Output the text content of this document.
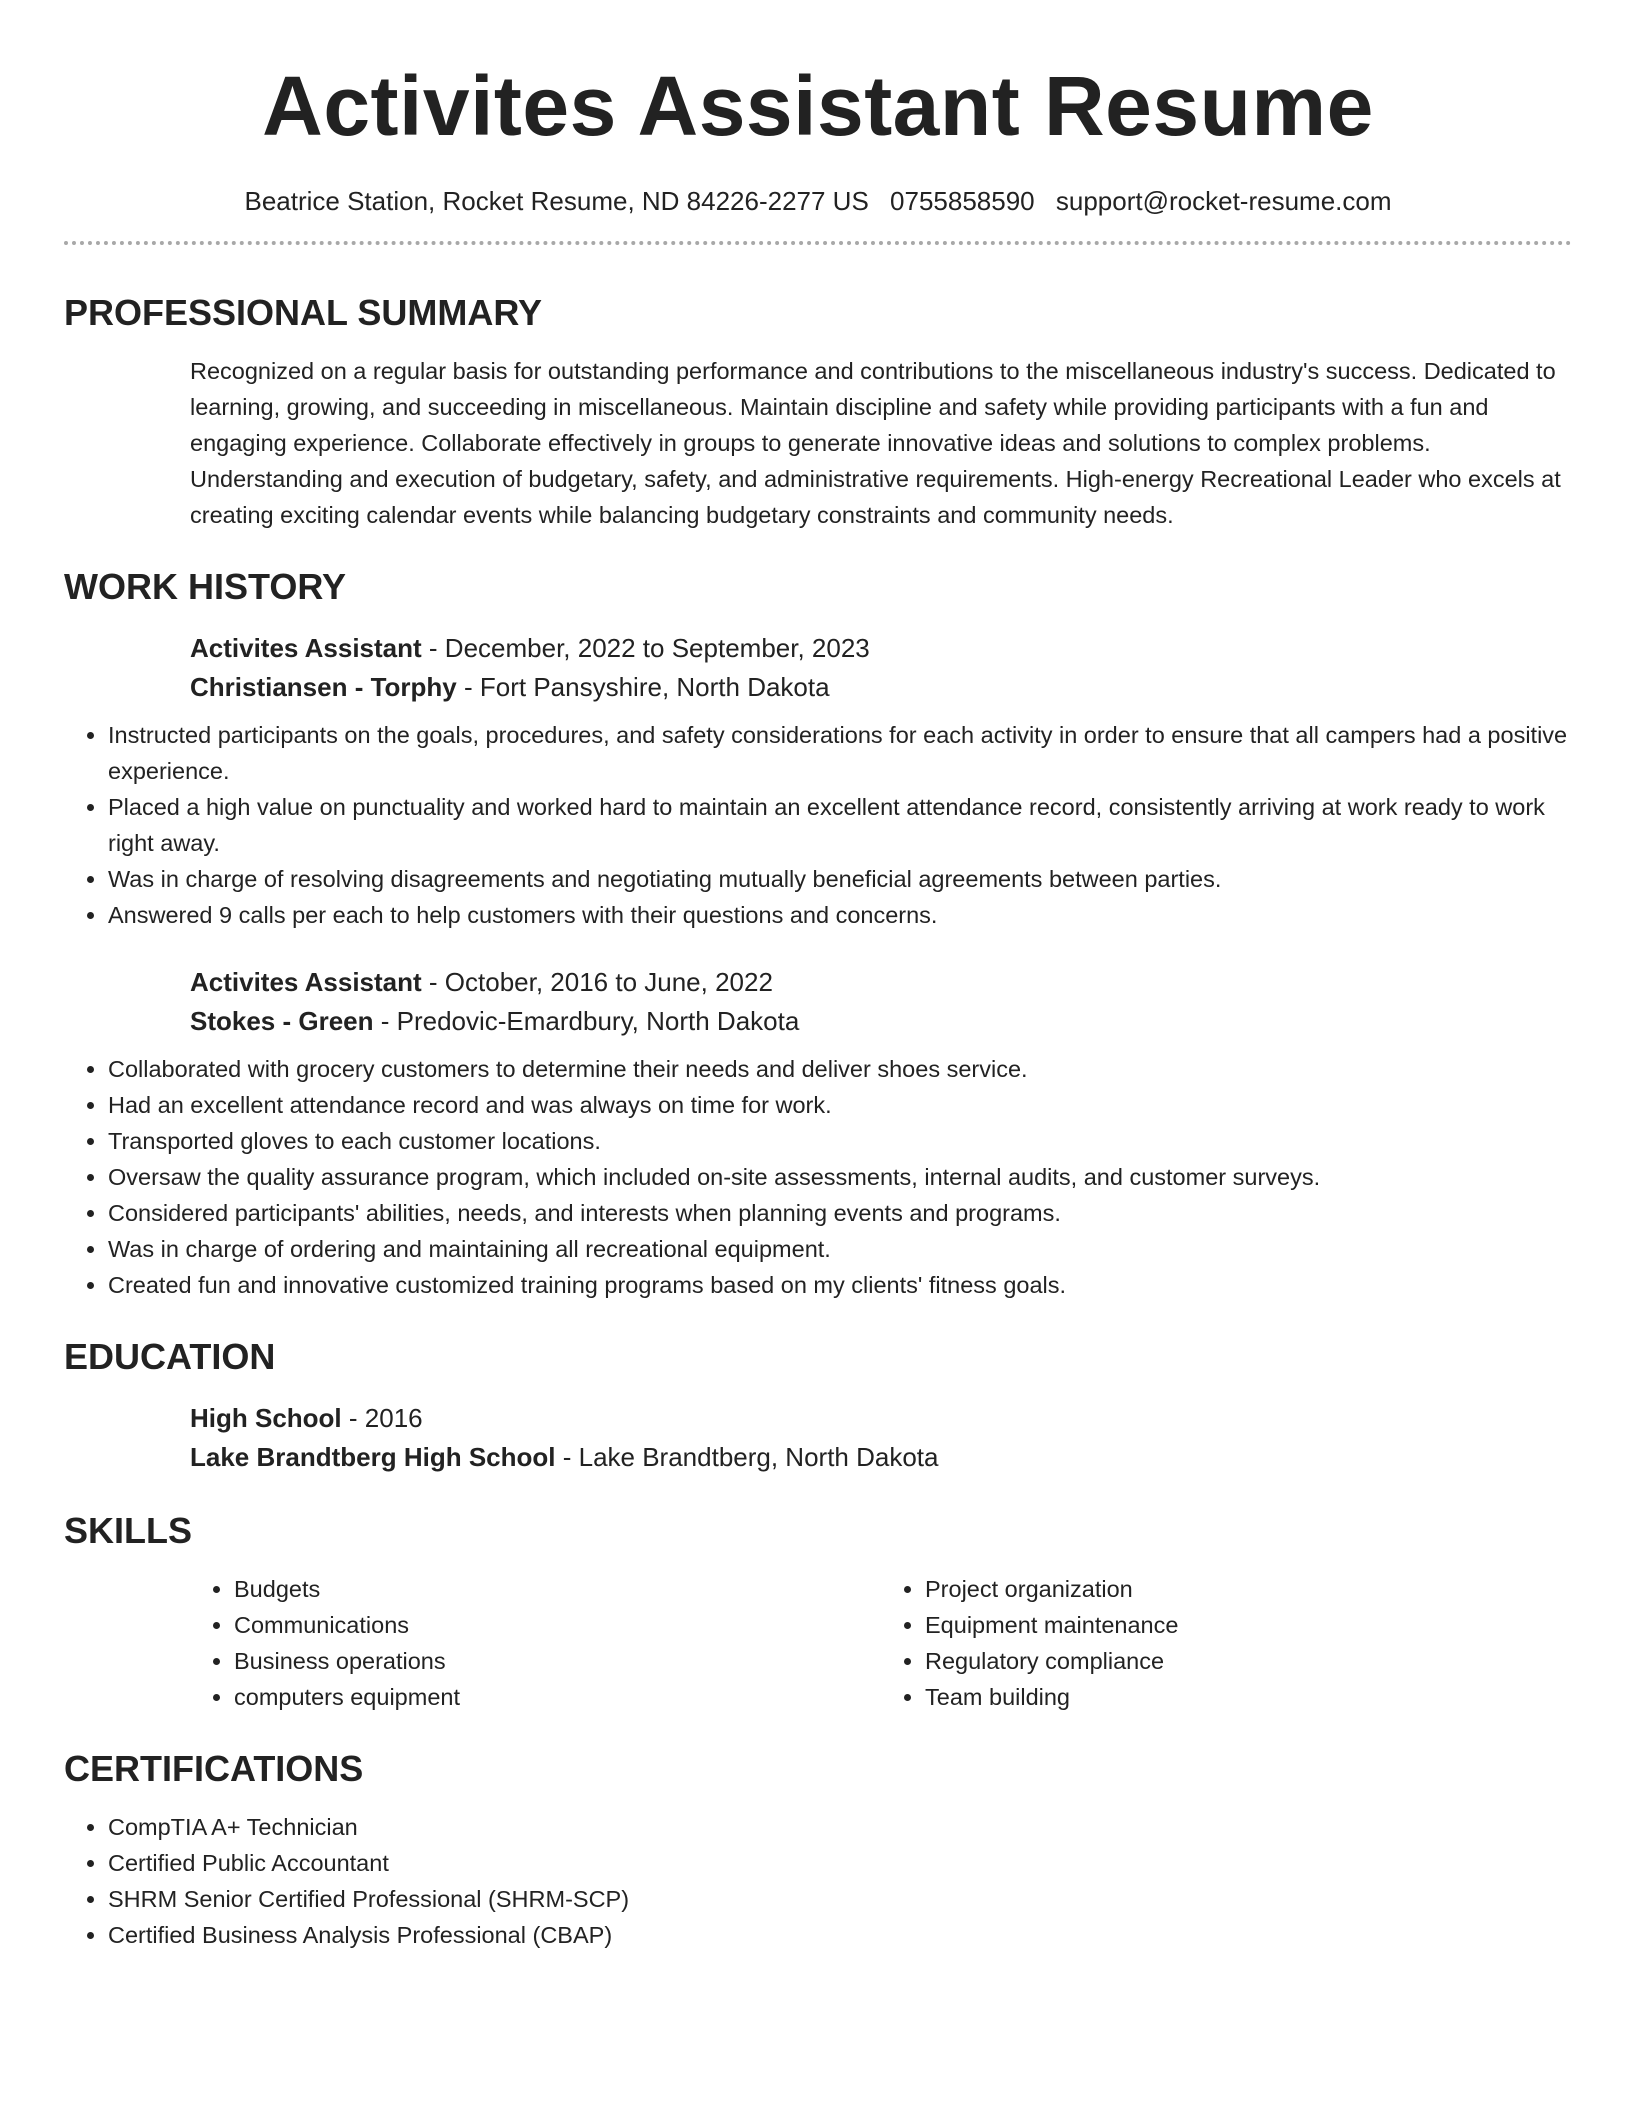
Activites Assistant Resume
Beatrice Station, Rocket Resume, ND 84226-2277 US 0755858590 support@rocket-resume.com
PROFESSIONAL SUMMARY
Recognized on a regular basis for outstanding performance and contributions to the miscellaneous industry's success. Dedicated to learning, growing, and succeeding in miscellaneous. Maintain discipline and safety while providing participants with a fun and engaging experience. Collaborate effectively in groups to generate innovative ideas and solutions to complex problems. Understanding and execution of budgetary, safety, and administrative requirements. High-energy Recreational Leader who excels at creating exciting calendar events while balancing budgetary constraints and community needs.
WORK HISTORY
Activites Assistant - December, 2022 to September, 2023
Christiansen - Torphy - Fort Pansyshire, North Dakota
• Instructed participants on the goals, procedures, and safety considerations for each activity in order to ensure that all campers had a positive experience.
• Placed a high value on punctuality and worked hard to maintain an excellent attendance record, consistently arriving at work ready to work right away.
• Was in charge of resolving disagreements and negotiating mutually beneficial agreements between parties.
• Answered 9 calls per each to help customers with their questions and concerns.
Activites Assistant - October, 2016 to June, 2022
Stokes - Green - Predovic-Emardbury, North Dakota
• Collaborated with grocery customers to determine their needs and deliver shoes service.
• Had an excellent attendance record and was always on time for work.
• Transported gloves to each customer locations.
• Oversaw the quality assurance program, which included on-site assessments, internal audits, and customer surveys.
• Considered participants' abilities, needs, and interests when planning events and programs.
• Was in charge of ordering and maintaining all recreational equipment.
• Created fun and innovative customized training programs based on my clients' fitness goals.
EDUCATION
High School - 2016
Lake Brandtberg High School - Lake Brandtberg, North Dakota
SKILLS
• Budgets
• Communications
• Business operations
• computers equipment
• Project organization
• Equipment maintenance
• Regulatory compliance
• Team building
CERTIFICATIONS
• CompTIA A+ Technician
• Certified Public Accountant
• SHRM Senior Certified Professional (SHRM-SCP)
• Certified Business Analysis Professional (CBAP)
